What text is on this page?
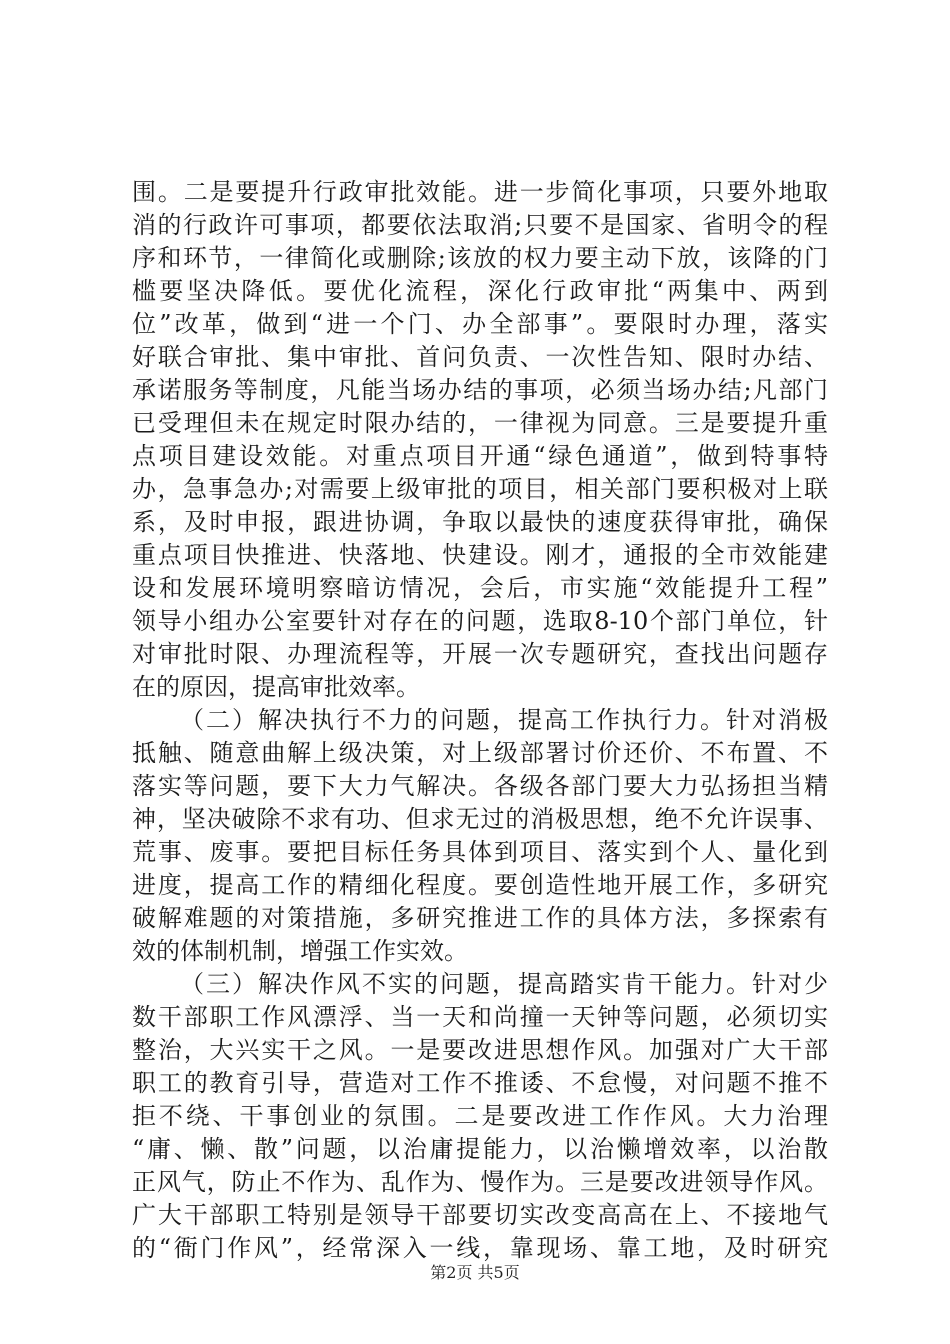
围。二是要提升行政审批效能。进一步简化事项，只要外地取
消的行政许可事项，都要依法取消;只要不是国家、省明令的程
序和环节，一律简化或删除;该放的权力要主动下放，该降的门
槛要坚决降低。要优化流程，深化行政审批“两集中、两到
位”改革，做到“进一个门、办全部事”。要限时办理，落实
好联合审批、集中审批、首问负责、一次性告知、限时办结、
承诺服务等制度，凡能当场办结的事项，必须当场办结;凡部门
已受理但未在规定时限办结的，一律视为同意。三是要提升重
点项目建设效能。对重点项目开通“绿色通道”，做到特事特
办，急事急办;对需要上级审批的项目，相关部门要积极对上联
系，及时申报，跟进协调，争取以最快的速度获得审批，确保
重点项目快推进、快落地、快建设。刚才，通报的全市效能建
设和发展环境明察暗访情况，会后，市实施“效能提升工程”
领导小组办公室要针对存在的问题，选取8-10个部门单位，针
对审批时限、办理流程等，开展一次专题研究，查找出问题存
在的原因，提高审批效率。
（二）解决执行不力的问题，提高工作执行力。针对消极
抵触、随意曲解上级决策，对上级部署讨价还价、不布置、不
落实等问题，要下大力气解决。各级各部门要大力弘扬担当精
神，坚决破除不求有功、但求无过的消极思想，绝不允许误事、
荒事、废事。要把目标任务具体到项目、落实到个人、量化到
进度，提高工作的精细化程度。要创造性地开展工作，多研究
破解难题的对策措施，多研究推进工作的具体方法，多探索有
效的体制机制，增强工作实效。
（三）解决作风不实的问题，提高踏实肯干能力。针对少
数干部职工作风漂浮、当一天和尚撞一天钟等问题，必须切实
整治，大兴实干之风。一是要改进思想作风。加强对广大干部
职工的教育引导，营造对工作不推诿、不怠慢，对问题不推不
拒不绕、干事创业的氛围。二是要改进工作作风。大力治理
“庸、懒、散”问题，以治庸提能力，以治懒增效率，以治散
正风气，防止不作为、乱作为、慢作为。三是要改进领导作风。
广大干部职工特别是领导干部要切实改变高高在上、不接地气
的“衙门作风”，经常深入一线，靠现场、靠工地，及时研究
第2页 共5页
